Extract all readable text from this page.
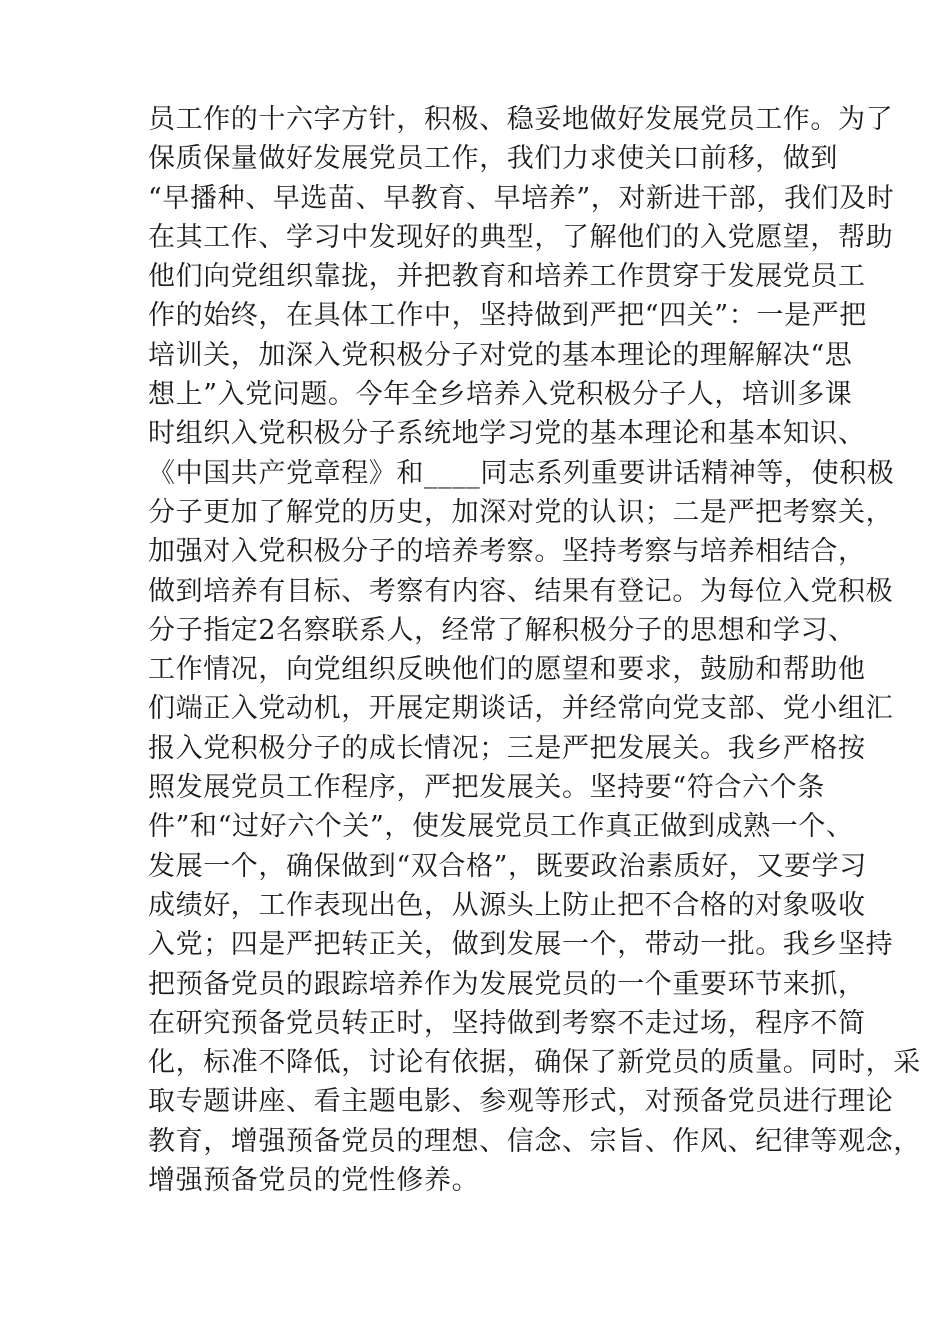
员工作的十六字方针，积极、稳妥地做好发展党员工作。为了
保质保量做好发展党员工作，我们力求使关口前移，做到
“早播种、早选苗、早教育、早培养”，对新进干部，我们及时
在其工作、学习中发现好的典型，了解他们的入党愿望，帮助
他们向党组织靠拢，并把教育和培养工作贯穿于发展党员工
作的始终，在具体工作中，坚持做到严把“四关”：一是严把
培训关，加深入党积极分子对党的基本理论的理解解决“思
想上”入党问题。今年全乡培养入党积极分子人，培训多课
时组织入党积极分子系统地学习党的基本理论和基本知识、
《中国共产党章程》和____同志系列重要讲话精神等，使积极
分子更加了解党的历史，加深对党的认识；二是严把考察关，
加强对入党积极分子的培养考察。坚持考察与培养相结合，
做到培养有目标、考察有内容、结果有登记。为每位入党积极
分子指定2名察联系人，经常了解积极分子的思想和学习、
工作情况，向党组织反映他们的愿望和要求，鼓励和帮助他
们端正入党动机，开展定期谈话，并经常向党支部、党小组汇
报入党积极分子的成长情况；三是严把发展关。我乡严格按
照发展党员工作程序，严把发展关。坚持要“符合六个条
件”和“过好六个关”，使发展党员工作真正做到成熟一个、
发展一个，确保做到“双合格”，既要政治素质好，又要学习
成绩好，工作表现出色，从源头上防止把不合格的对象吸收
入党；四是严把转正关，做到发展一个，带动一批。我乡坚持
把预备党员的跟踪培养作为发展党员的一个重要环节来抓，
在研究预备党员转正时，坚持做到考察不走过场，程序不简
化，标准不降低，讨论有依据，确保了新党员的质量。同时，采
取专题讲座、看主题电影、参观等形式，对预备党员进行理论
教育，增强预备党员的理想、信念、宗旨、作风、纪律等观念，
增强预备党员的党性修养。
